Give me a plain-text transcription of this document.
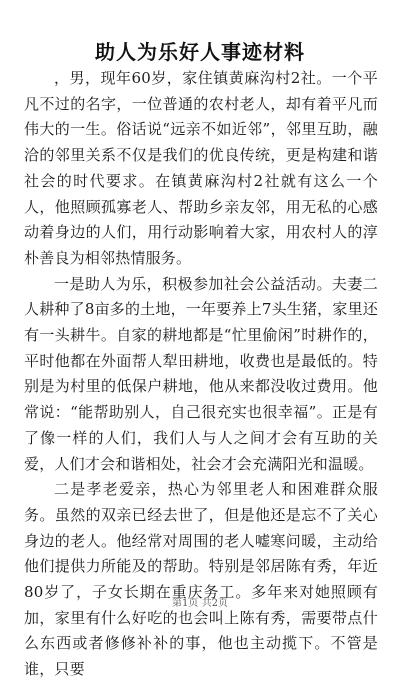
助人为乐好人事迹材料

，男，现年60岁，家住镇黄麻沟村2社。一个平凡不过的名字，一位普通的农村老人，却有着平凡而伟大的一生。俗话说“远亲不如近邻”，邻里互助，融洽的邻里关系不仅是我们的优良传统，更是构建和谐社会的时代要求。在镇黄麻沟村2社就有这么一个人，他照顾孤寡老人、帮助乡亲友邻，用无私的心感动着身边的人们，用行动影响着大家，用农村人的淳朴善良为相邻热情服务。

一是助人为乐，积极参加社会公益活动。夫妻二人耕种了8亩多的土地，一年要养上7头生猪，家里还有一头耕牛。自家的耕地都是“忙里偷闲”时耕作的，平时他都在外面帮人犁田耕地，收费也是最低的。特别是为村里的低保户耕地，他从来都没收过费用。他常说：“能帮助别人，自己很充实也很幸福”。正是有了像一样的人们，我们人与人之间才会有互助的关爱，人们才会和谐相处，社会才会充满阳光和温暖。

二是孝老爱亲，热心为邻里老人和困难群众服务。虽然的双亲已经去世了，但是他还是忘不了关心身边的老人。他经常对周围的老人嘘寒问暖，主动给他们提供力所能及的帮助。特别是邻居陈有秀，年近80岁了，子女长期在重庆务工。多年来对她照顾有加，家里有什么好吃的也会叫上陈有秀，需要带点什么东西或者修修补补的事，他也主动揽下。不管是谁，只要

第1页 共2页
